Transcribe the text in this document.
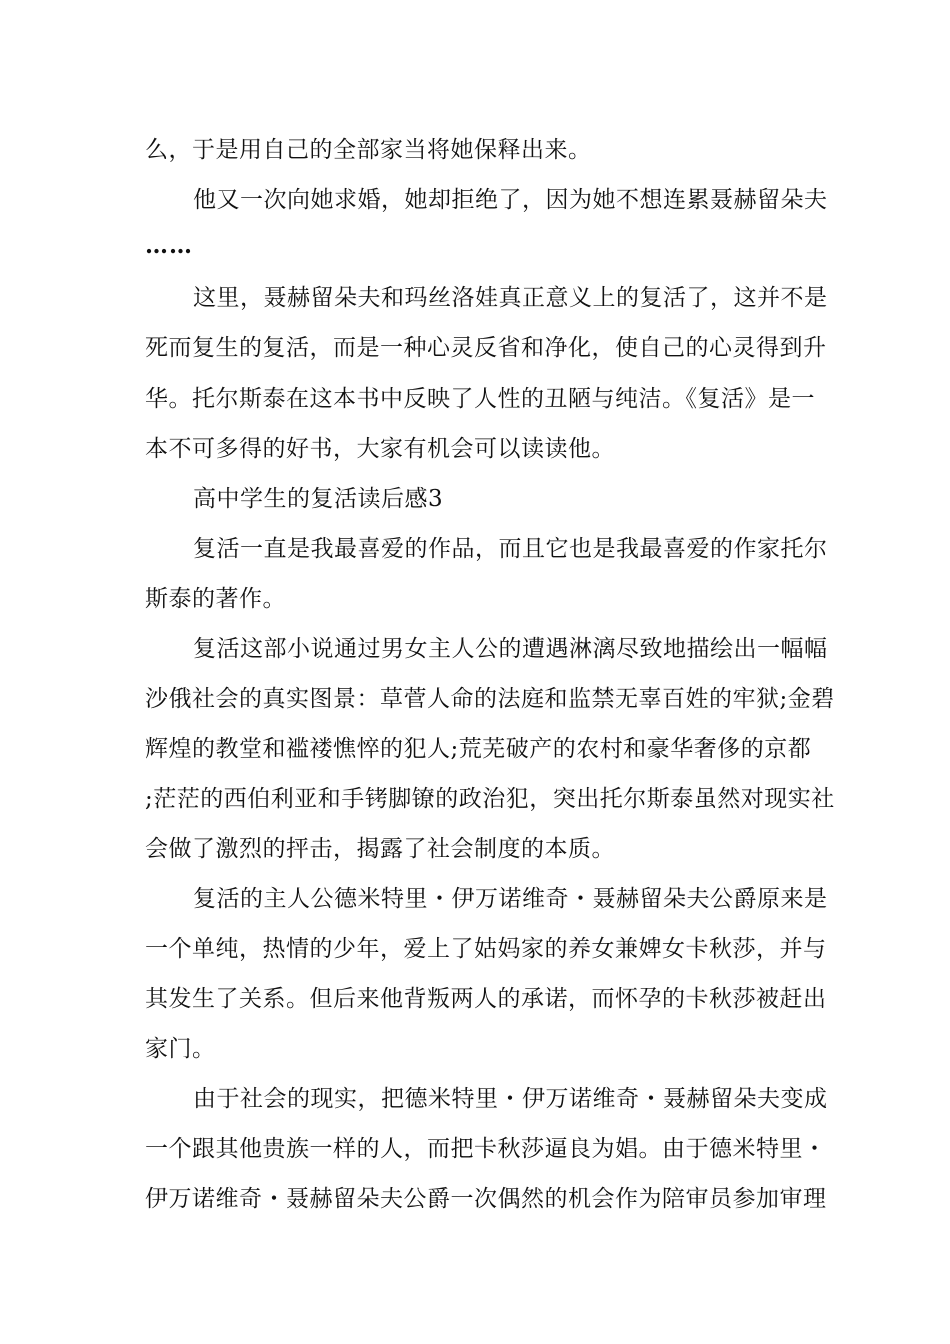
么，于是用自己的全部家当将她保释出来。
他又一次向她求婚，她却拒绝了，因为她不想连累聂赫留朵夫
……
这里，聂赫留朵夫和玛丝洛娃真正意义上的复活了，这并不是
死而复生的复活，而是一种心灵反省和净化，使自己的心灵得到升
华。托尔斯泰在这本书中反映了人性的丑陋与纯洁。《复活》是一
本不可多得的好书，大家有机会可以读读他。
高中学生的复活读后感3
复活一直是我最喜爱的作品，而且它也是我最喜爱的作家托尔
斯泰的著作。
复活这部小说通过男女主人公的遭遇淋漓尽致地描绘出一幅幅
沙俄社会的真实图景：草菅人命的法庭和监禁无辜百姓的牢狱;金碧
辉煌的教堂和褴褛憔悴的犯人;荒芜破产的农村和豪华奢侈的京都
;茫茫的西伯利亚和手铐脚镣的政治犯，突出托尔斯泰虽然对现实社
会做了激烈的抨击，揭露了社会制度的本质。
复活的主人公德米特里・伊万诺维奇・聂赫留朵夫公爵原来是
一个单纯，热情的少年，爱上了姑妈家的养女兼婢女卡秋莎，并与
其发生了关系。但后来他背叛两人的承诺，而怀孕的卡秋莎被赶出
家门。
由于社会的现实，把德米特里・伊万诺维奇・聂赫留朵夫变成
一个跟其他贵族一样的人，而把卡秋莎逼良为娼。由于德米特里・
伊万诺维奇・聂赫留朵夫公爵一次偶然的机会作为陪审员参加审理
